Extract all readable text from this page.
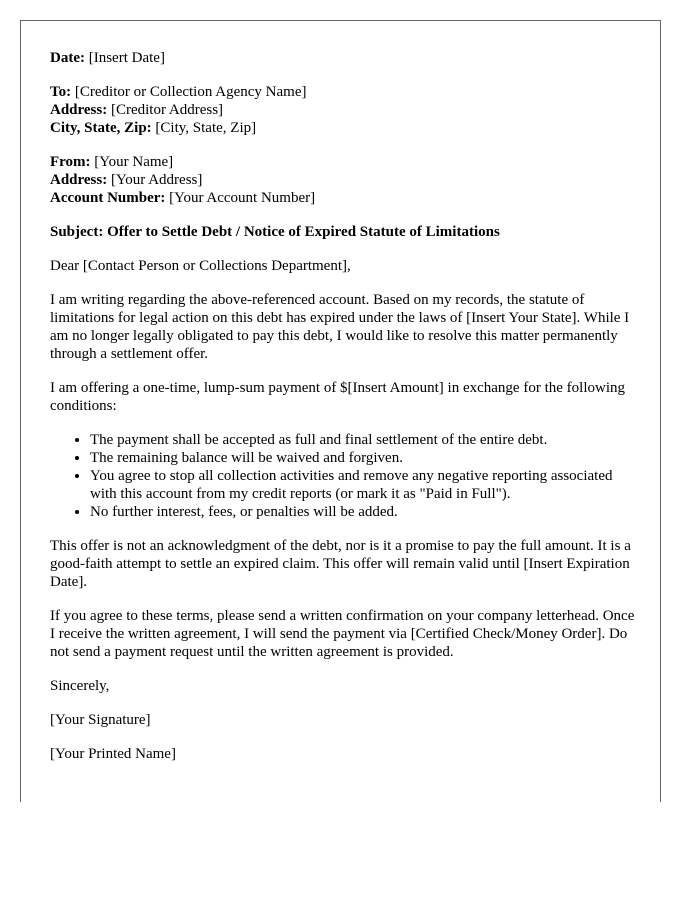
Date: [Insert Date]
To: [Creditor or Collection Agency Name]
Address: [Creditor Address]
City, State, Zip: [City, State, Zip]
From: [Your Name]
Address: [Your Address]
Account Number: [Your Account Number]

Subject: Offer to Settle Debt / Notice of Expired Statute of Limitations

Dear [Contact Person or Collections Department],

I am writing regarding the above-referenced account. Based on my records, the statute of limitations for legal action on this debt has expired under the laws of [Insert Your State]. While I am no longer legally obligated to pay this debt, I would like to resolve this matter permanently through a settlement offer.

I am offering a one-time, lump-sum payment of $[Insert Amount] in exchange for the following conditions:

• The payment shall be accepted as full and final settlement of the entire debt.
• The remaining balance will be waived and forgiven.
• You agree to stop all collection activities and remove any negative reporting associated with this account from my credit reports (or mark it as "Paid in Full").
• No further interest, fees, or penalties will be added.

This offer is not an acknowledgment of the debt, nor is it a promise to pay the full amount. It is a good-faith attempt to settle an expired claim. This offer will remain valid until [Insert Expiration Date].

If you agree to these terms, please send a written confirmation on your company letterhead. Once I receive the written agreement, I will send the payment via [Certified Check/Money Order]. Do not send a payment request until the written agreement is provided.

Sincerely,

[Your Signature]

[Your Printed Name]
